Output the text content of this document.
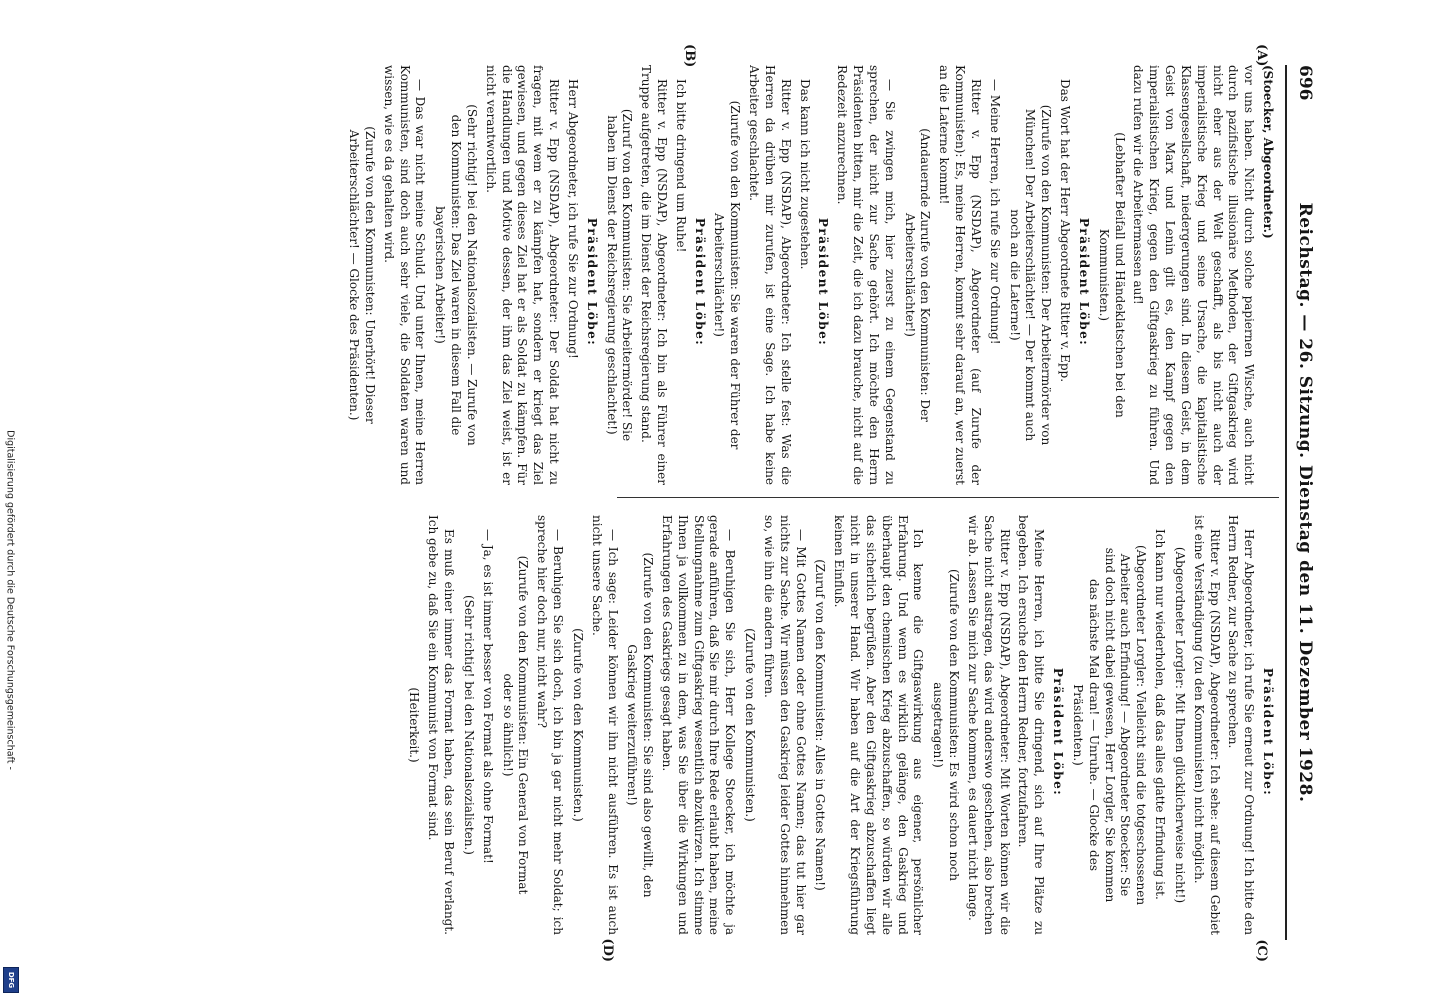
Digitalisierung gefördert durch die Deutsche Forschungsgemeinschaft -
DFG
696
Reichstag. — 26. Sitzung. Dienstag den 11. Dezember 1928.
(A)
(B)
(C)
(D)

(Stoecker, Abgeordneter.)

vor uns haben. Nicht durch solche papiernen Wische, auch nicht durch pazifistische illusionäre Methoden, der Giftgaskrieg wird nicht eher aus der Welt geschafft, als bis nicht auch der imperialistische Krieg und seine Ursache, die kapitalistische Klassengesellschaft, niedergerungen sind. In diesem Geist, in dem Geist von Marx und Lenin gilt es, den Kampf gegen den imperialistischen Krieg, gegen den Giftgaskrieg zu führen. Und dazu rufen wir die Arbeitermassen auf!

(Lebhafter Beifall und Händeklatschen bei den Kommunisten.)

Präsident Löbe:

Das Wort hat der Herr Abgeordnete Ritter v. Epp.

(Zurufe von den Kommunisten: Der Arbeitermörder von München! Der Arbeiterschlächter! — Der kommt auch noch an die Laterne!)

— Meine Herren, ich rufe Sie zur Ordnung!

Ritter v. Epp (NSDAP), Abgeordneter (auf Zurufe der Kommunisten): Es, meine Herren, kommt sehr darauf an, wer zuerst an die Laterne kommt!

(Andauernde Zurufe von den Kommunisten: Der Arbeiterschlächter!)

— Sie zwingen mich, hier zuerst zu einem Gegenstand zu sprechen, der nicht zur Sache gehört. Ich möchte den Herrn Präsidenten bitten, mir die Zeit, die ich dazu brauche, nicht auf die Redezeit anzurechnen.

Präsident Löbe:

Das kann ich nicht zugestehen.

Ritter v. Epp (NSDAP), Abgeordneter: Ich stelle fest: Was die Herren da drüben mir zurufen, ist eine Sage. Ich habe keine Arbeiter geschlachtet.

(Zurufe von den Kommunisten: Sie waren der Führer der Arbeiterschlächter!)

Präsident Löbe:

Ich bitte dringend um Ruhe!

Ritter v. Epp (NSDAP), Abgeordneter: Ich bin als Führer einer Truppe aufgetreten, die im Dienst der Reichsregierung stand.

(Zuruf von den Kommunisten: Sie Arbeitermörder! Sie haben im Dienst der Reichsregierung geschlachtet!)

Präsident Löbe:

Herr Abgeordneter, ich rufe Sie zur Ordnung!

Ritter v. Epp (NSDAP), Abgeordneter: Der Soldat hat nicht zu fragen, mit wem er zu kämpfen hat, sondern er kriegt das Ziel gewiesen, und gegen dieses Ziel hat er als Soldat zu kämpfen. Für die Handlungen und Motive dessen, der ihm das Ziel weist, ist er nicht verantwortlich.

(Sehr richtig! bei den Nationalsozialisten. — Zurufe von den Kommunisten: Das Ziel waren in diesem Fall die bayerischen Arbeiter!)

— Das war nicht meine Schuld. Und unter Ihnen, meine Herren Kommunisten, sind doch auch sehr viele, die Soldaten waren und wissen, wie es da gehalten wird.

(Zurufe von den Kommunisten: Unerhört! Dieser Arbeiterschlächter! — Glocke des Präsidenten.)

Präsident Löbe:

Herr Abgeordneter, ich rufe Sie erneut zur Ordnung! Ich bitte den Herrn Redner, zur Sache zu sprechen.

Ritter v. Epp (NSDAP), Abgeordneter: Ich sehe: auf diesem Gebiet ist eine Verständigung (zu den Kommunisten) nicht möglich.

(Abgeordneter Lorgler: Mit Ihnen glücklicherweise nicht!)

Ich kann nur wiederholen, daß das alles glatte Erfindung ist.

(Abgeordneter Lorgler: Vielleicht sind die totgeschossenen Arbeiter auch Erfindung! — Abgeordneter Stoecker: Sie sind doch nicht dabei gewesen, Herr Lorgler, Sie kommen das nächste Mal dran! — Unruhe. — Glocke des Präsidenten.)

Präsident Löbe:

Meine Herren, ich bitte Sie dringend, sich auf Ihre Plätze zu begeben. Ich ersuche den Herrn Redner, fortzufahren.

Ritter v. Epp (NSDAP), Abgeordneter: Mit Worten können wir die Sache nicht austragen, das wird anderswo geschehen, also brechen wir ab. Lassen Sie mich zur Sache kommen, es dauert nicht lange.

(Zurufe von den Kommunisten: Es wird schon noch ausgetragen!)

Ich kenne die Giftgaswirkung aus eigener, persönlicher Erfahrung. Und wenn es wirklich gelänge, den Gaskrieg und überhaupt den chemischen Krieg abzuschaffen, so würden wir alle das sicherlich begrüßen. Aber den Giftgaskrieg abzuschaffen liegt nicht in unserer Hand. Wir haben auf die Art der Kriegsführung keinen Einfluß.

(Zuruf von den Kommunisten: Alles in Gottes Namen!)

— Mit Gottes Namen oder ohne Gottes Namen; das tut hier gar nichts zur Sache. Wir müssen den Gaskrieg leider Gottes hinnehmen so, wie ihn die andern führen.

(Zurufe von den Kommunisten.)

— Beruhigen Sie sich, Herr Kollege Stoecker, ich möchte ja gerade anführen, daß Sie mir durch Ihre Rede erlaubt haben, meine Stellungnahme zum Giftgaskrieg wesentlich abzukürzen. Ich stimme Ihnen ja vollkommen zu in dem, was Sie über die Wirkungen und Erfahrungen des Gaskriegs gesagt haben.

(Zurufe von den Kommunisten: Sie sind also gewillt, den Gaskrieg weiterzuführen!)

— Ich sage: Leider können wir ihn nicht ausführen. Es ist auch nicht unsere Sache.

(Zurufe von den Kommunisten.)

— Beruhigen Sie sich doch, ich bin ja gar nicht mehr Soldat; ich spreche hier doch nur, nicht wahr?

(Zurufe von den Kommunisten: Ein General von Format oder so ähnlich!)

— Ja, es ist immer besser von Format als ohne Format!

(Sehr richtig! bei den Nationalsozialisten.)

Es muß einer immer das Format haben, das sein Beruf verlangt. Ich gebe zu, daß Sie ein Kommunist von Format sind.

(Heiterkeit.)
